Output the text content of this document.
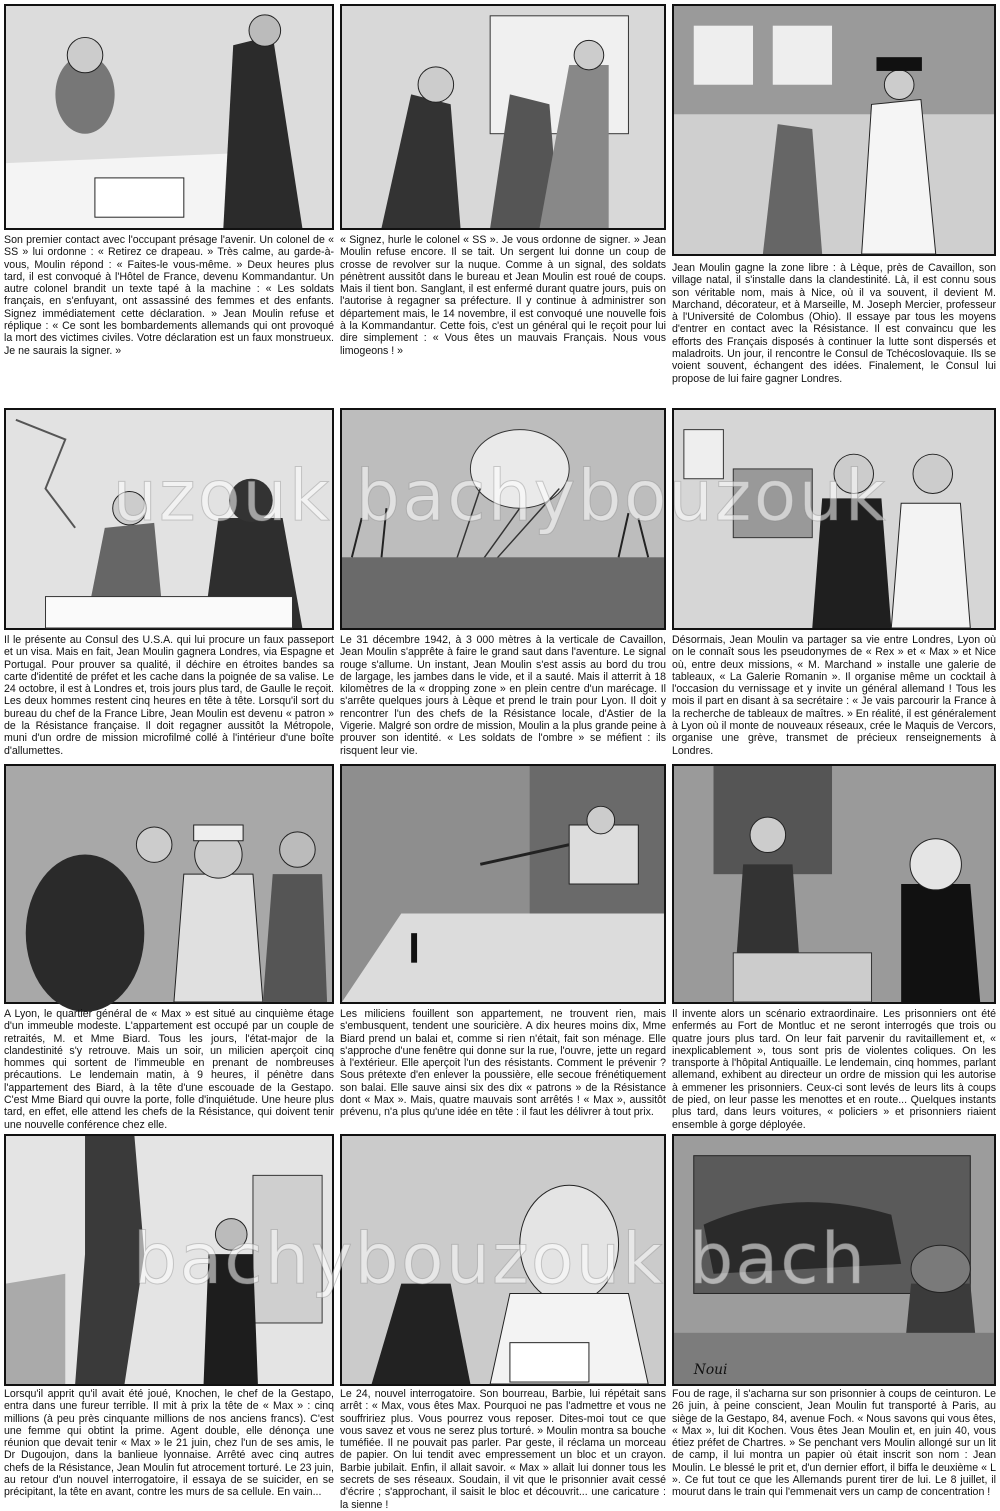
Son premier contact avec l'occupant présage l'avenir. Un colonel de « SS » lui ordonne : « Retirez ce drapeau. » Très calme, au garde-à-vous, Moulin répond : « Faites-le vous-même. » Deux heures plus tard, il est convoqué à l'Hôtel de France, devenu Kommandantur. Un autre colonel brandit un texte tapé à la machine : « Les soldats français, en s'enfuyant, ont assassiné des femmes et des enfants. Signez immédiatement cette déclaration. » Jean Moulin refuse et réplique : « Ce sont les bombardements allemands qui ont provoqué la mort des victimes civiles. Votre déclaration est un faux monstrueux. Je ne saurais la signer. »
« Signez, hurle le colonel « SS ». Je vous ordonne de signer. » Jean Moulin refuse encore. Il se tait. Un sergent lui donne un coup de crosse de revolver sur la nuque. Comme à un signal, des soldats pénètrent aussitôt dans le bureau et Jean Moulin est roué de coups. Mais il tient bon. Sanglant, il est enfermé durant quatre jours, puis on l'autorise à regagner sa préfecture. Il y continue à administrer son département mais, le 14 novembre, il est convoqué une nouvelle fois à la Kommandantur. Cette fois, c'est un général qui le reçoit pour lui dire simplement : « Vous êtes un mauvais Français. Nous vous limogeons ! »
Jean Moulin gagne la zone libre : à Lèque, près de Cavaillon, son village natal, il s'installe dans la clandestinité. Là, il est connu sous son véritable nom, mais à Nice, où il va souvent, il devient M. Marchand, décorateur, et à Marseille, M. Joseph Mercier, professeur à l'Université de Colombus (Ohio). Il essaye par tous les moyens d'entrer en contact avec la Résistance. Il est convaincu que les efforts des Français disposés à continuer la lutte sont dispersés et maladroits. Un jour, il rencontre le Consul de Tchécoslovaquie. Ils se voient souvent, échangent des idées. Finalement, le Consul lui propose de lui faire gagner Londres.
Il le présente au Consul des U.S.A. qui lui procure un faux passeport et un visa. Mais en fait, Jean Moulin gagnera Londres, via Espagne et Portugal. Pour prouver sa qualité, il déchire en étroites bandes sa carte d'identité de préfet et les cache dans la poignée de sa valise. Le 24 octobre, il est à Londres et, trois jours plus tard, de Gaulle le reçoit. Les deux hommes restent cinq heures en tête à tête. Lorsqu'il sort du bureau du chef de la France Libre, Jean Moulin est devenu « patron » de la Résistance française. Il doit regagner aussitôt la Métropole, muni d'un ordre de mission microfilmé collé à l'intérieur d'une boîte d'allumettes.
Le 31 décembre 1942, à 3 000 mètres à la verticale de Cavaillon, Jean Moulin s'apprête à faire le grand saut dans l'aventure. Le signal rouge s'allume. Un instant, Jean Moulin s'est assis au bord du trou de largage, les jambes dans le vide, et il a sauté. Mais il atterrit à 18 kilomètres de la « dropping zone » en plein centre d'un marécage. Il s'arrête quelques jours à Lèque et prend le train pour Lyon. Il doit y rencontrer l'un des chefs de la Résistance locale, d'Astier de la Vigerie. Malgré son ordre de mission, Moulin a la plus grande peine à prouver son identité. « Les soldats de l'ombre » se méfient : ils risquent leur vie.
Désormais, Jean Moulin va partager sa vie entre Londres, Lyon où on le connaît sous les pseudonymes de « Rex » et « Max » et Nice où, entre deux missions, « M. Marchand » installe une galerie de tableaux, « La Galerie Romanin ». Il organise même un cocktail à l'occasion du vernissage et y invite un général allemand ! Tous les mois il part en disant à sa secrétaire : « Je vais parcourir la France à la recherche de tableaux de maîtres. » En réalité, il est généralement à Lyon où il monte de nouveaux réseaux, crée le Maquis de Vercors, organise une grève, transmet de précieux renseignements à Londres.
A Lyon, le quartier général de « Max » est situé au cinquième étage d'un immeuble modeste. L'appartement est occupé par un couple de retraités, M. et Mme Biard. Tous les jours, l'état-major de la clandestinité s'y retrouve. Mais un soir, un milicien aperçoit cinq hommes qui sortent de l'immeuble en prenant de nombreuses précautions. Le lendemain matin, à 9 heures, il pénètre dans l'appartement des Biard, à la tête d'une escouade de la Gestapo. C'est Mme Biard qui ouvre la porte, folle d'inquiétude. Une heure plus tard, en effet, elle attend les chefs de la Résistance, qui doivent tenir une nouvelle conférence chez elle.
Les miliciens fouillent son appartement, ne trouvent rien, mais s'embusquent, tendent une souricière. A dix heures moins dix, Mme Biard prend un balai et, comme si rien n'était, fait son ménage. Elle s'approche d'une fenêtre qui donne sur la rue, l'ouvre, jette un regard à l'extérieur. Elle aperçoit l'un des résistants. Comment le prévenir ? Sous prétexte d'en enlever la poussière, elle secoue frénétiquement son balai. Elle sauve ainsi six des dix « patrons » de la Résistance dont « Max ». Mais, quatre mauvais sont arrêtés ! « Max », aussitôt prévenu, n'a plus qu'une idée en tête : il faut les délivrer à tout prix.
Il invente alors un scénario extraordinaire. Les prisonniers ont été enfermés au Fort de Montluc et ne seront interrogés que trois ou quatre jours plus tard. On leur fait parvenir du ravitaillement et, « inexplicablement », tous sont pris de violentes coliques. On les transporte à l'hôpital Antiquaille. Le lendemain, cinq hommes, parlant allemand, exhibent au directeur un ordre de mission qui les autorise à emmener les prisonniers. Ceux-ci sont levés de leurs lits à coups de pied, on leur passe les menottes et en route... Quelques instants plus tard, dans leurs voitures, « policiers » et prisonniers riaient ensemble à gorge déployée.
Lorsqu'il apprit qu'il avait été joué, Knochen, le chef de la Gestapo, entra dans une fureur terrible. Il mit à prix la tête de « Max » : cinq millions (à peu près cinquante millions de nos anciens francs). C'est une femme qui obtint la prime. Agent double, elle dénonça une réunion que devait tenir « Max » le 21 juin, chez l'un de ses amis, le Dr Dugoujon, dans la banlieue lyonnaise. Arrêté avec cinq autres chefs de la Résistance, Jean Moulin fut atrocement torturé. Le 23 juin, au retour d'un nouvel interrogatoire, il essaya de se suicider, en se précipitant, la tête en avant, contre les murs de sa cellule. En vain...
Le 24, nouvel interrogatoire. Son bourreau, Barbie, lui répétait sans arrêt : « Max, vous êtes Max. Pourquoi ne pas l'admettre et vous ne souffririez plus. Vous pourrez vous reposer. Dites-moi tout ce que vous savez et vous ne serez plus torturé. » Moulin montra sa bouche tuméfiée. Il ne pouvait pas parler. Par geste, il réclama un morceau de papier. On lui tendit avec empressement un bloc et un crayon. Barbie jubilait. Enfin, il allait savoir. « Max » allait lui donner tous les secrets de ses réseaux. Soudain, il vit que le prisonnier avait cessé d'écrire ; s'approchant, il saisit le bloc et découvrit... une caricature : la sienne !
Noui
Fou de rage, il s'acharna sur son prisonnier à coups de ceinturon. Le 26 juin, à peine conscient, Jean Moulin fut transporté à Paris, au siège de la Gestapo, 84, avenue Foch. « Nous savons qui vous êtes, « Max », lui dit Kochen. Vous êtes Jean Moulin et, en juin 40, vous étiez préfet de Chartres. » Se penchant vers Moulin allongé sur un lit de camp, il lui montra un papier où était inscrit son nom : Jean Moulin. Le blessé le prit et, d'un dernier effort, il biffa le deuxième « L ». Ce fut tout ce que les Allemands purent tirer de lui. Le 8 juillet, il mourut dans le train qui l'emmenait vers un camp de concentration !
uzouk bachybouzouk
bachybouzouk bach
